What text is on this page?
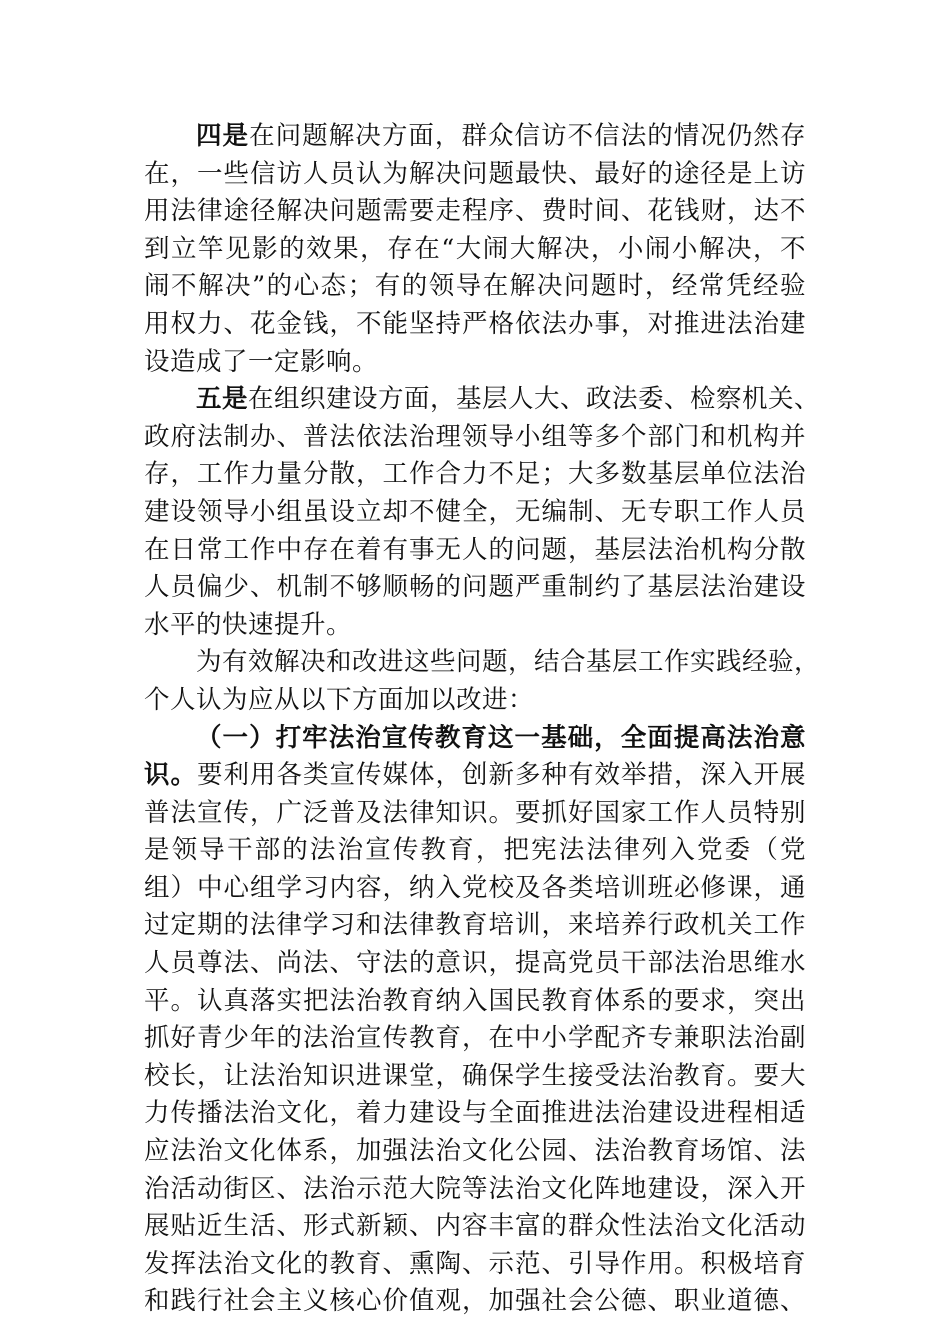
四是在问题解决方面，群众信访不信法的情况仍然存
在，一些信访人员认为解决问题最快、最好的途径是上访
用法律途径解决问题需要走程序、费时间、花钱财，达不
到立竿见影的效果，存在“大闹大解决，小闹小解决，不
闹不解决”的心态；有的领导在解决问题时，经常凭经验
用权力、花金钱，不能坚持严格依法办事，对推进法治建
设造成了一定影响。
五是在组织建设方面，基层人大、政法委、检察机关、
政府法制办、普法依法治理领导小组等多个部门和机构并
存，工作力量分散，工作合力不足；大多数基层单位法治
建设领导小组虽设立却不健全，无编制、无专职工作人员
在日常工作中存在着有事无人的问题，基层法治机构分散
人员偏少、机制不够顺畅的问题严重制约了基层法治建设
水平的快速提升。
为有效解决和改进这些问题，结合基层工作实践经验，
个人认为应从以下方面加以改进：
（一）打牢法治宣传教育这一基础，全面提高法治意
识。要利用各类宣传媒体，创新多种有效举措，深入开展
普法宣传，广泛普及法律知识。要抓好国家工作人员特别
是领导干部的法治宣传教育，把宪法法律列入党委（党
组）中心组学习内容，纳入党校及各类培训班必修课，通
过定期的法律学习和法律教育培训，来培养行政机关工作
人员尊法、尚法、守法的意识，提高党员干部法治思维水
平。认真落实把法治教育纳入国民教育体系的要求，突出
抓好青少年的法治宣传教育，在中小学配齐专兼职法治副
校长，让法治知识进课堂，确保学生接受法治教育。要大
力传播法治文化，着力建设与全面推进法治建设进程相适
应法治文化体系，加强法治文化公园、法治教育场馆、法
治活动街区、法治示范大院等法治文化阵地建设，深入开
展贴近生活、形式新颖、内容丰富的群众性法治文化活动
发挥法治文化的教育、熏陶、示范、引导作用。积极培育
和践行社会主义核心价值观，加强社会公德、职业道德、
